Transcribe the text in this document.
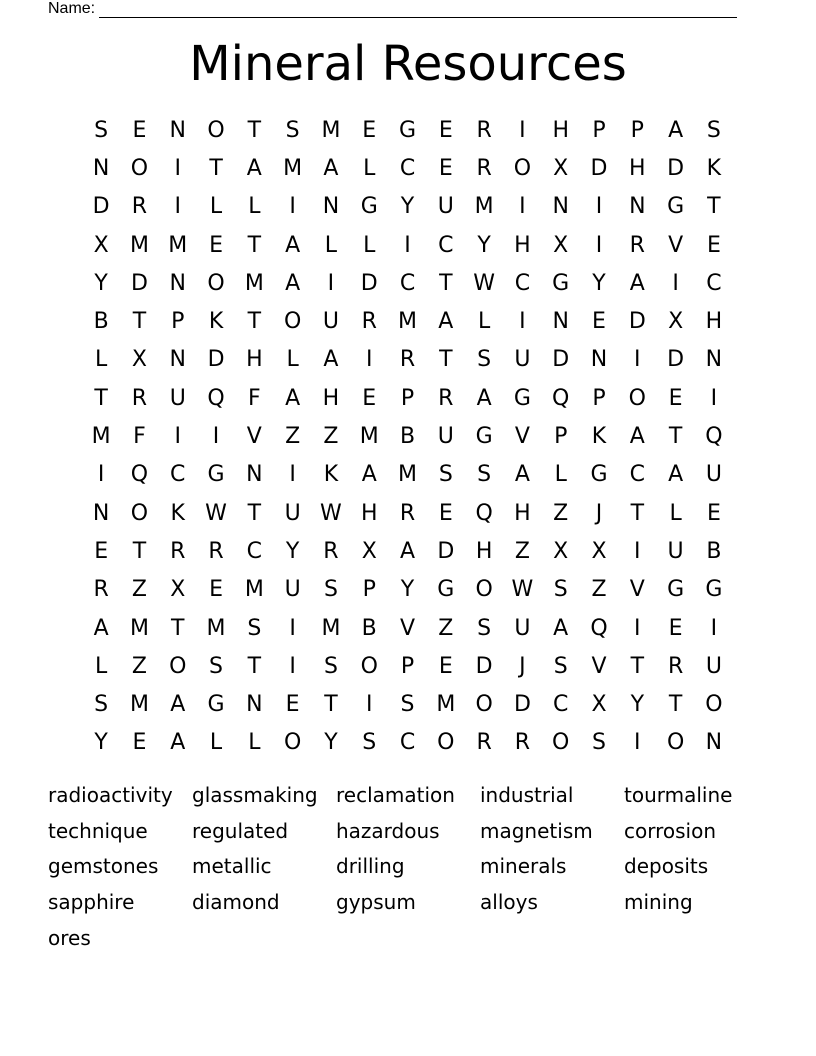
Name:
Mineral Resources
S	E	N O	T	S M E	G	E	R	I	H	P	P	A	S
N O	I	T	A M A	L	C	E	R O	X	D H D	K
D	R	I	L	L	I	N G	Y	U M	I	N	I	N G	T
X M M E	T	A	L	L	I	C	Y	H	X	I	R	V	E
Y	D N O M A	I	D	C	T W C	G	Y	A	I	C
B	T	P	K	T	O U	R M A	L	I	N	E	D	X	H
L	X	N D H	L	A	I	R	T	S	U D N	I	D N
T	R	U Q	F	A	H	E	P	R	A	G Q	P	O	E	I
M	F	I	I	V	Z	Z M B	U G	V	P	K	A	T	Q
I	Q C	G N	I	K	A M S	S	A	L	G	C	A	U
N O	K W T	U W H	R	E	Q H	Z	J	T	L	E
E	T	R	R	C	Y	R	X	A	D H	Z	X	X	I	U	B
R	Z	X	E M U	S	P	Y	G O W S	Z	V	G G
A M	T	M S	I	M B	V	Z	S	U	A	Q	I	E	I
L	Z	O	S	T	I	S	O	P	E	D	J	S	V	T	R	U
S M A	G N	E	T	I	S M O D	C	X	Y	T	O
Y	E	A	L	L	O	Y	S	C O R	R O	S	I	O N
radioactivity glassmaking reclamation	industrial	tourmaline
technique	regulated	hazardous	magnetism	corrosion
gemstones	metallic	drilling	minerals	deposits
sapphire	diamond	gypsum	alloys	mining
ores
